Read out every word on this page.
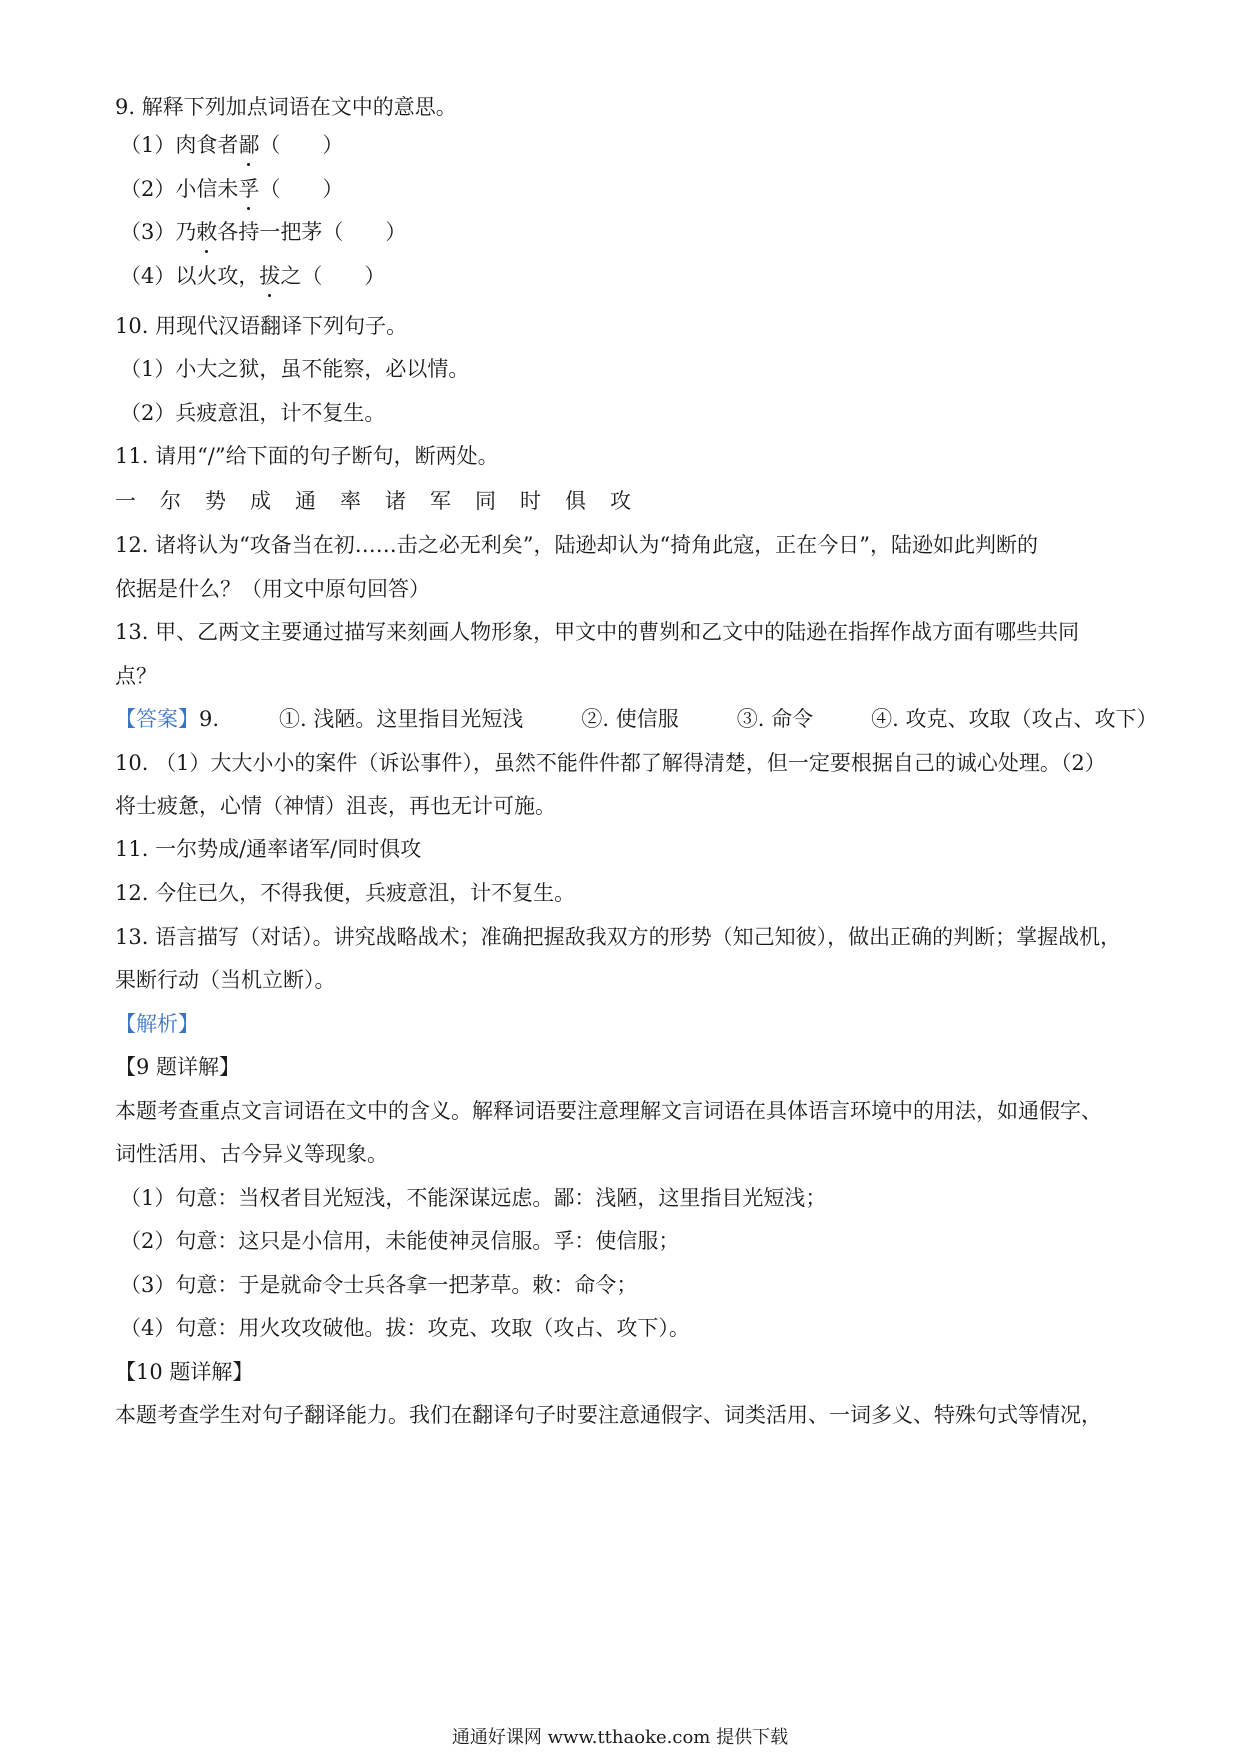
9. 解释下列加点词语在文中的意思。
（1）肉食者鄙（　　）
（2）小信未孚（　　）
（3）乃敕各持一把茅（　　）
（4）以火攻，拔之（　　）
10. 用现代汉语翻译下列句子。
（1）小大之狱，虽不能察，必以情。
（2）兵疲意沮，计不复生。
11. 请用“/”给下面的句子断句，断两处。
一尔势成通率诸军同时俱攻
12. 诸将认为“攻备当在初……击之必无利矣”，陆逊却认为“掎角此寇，正在今日”，陆逊如此判断的
依据是什么？（用文中原句回答）
13. 甲、乙两文主要通过描写来刻画人物形象，甲文中的曹刿和乙文中的陆逊在指挥作战方面有哪些共同
点？
【答案】9.	①. 浅陋。这里指目光短浅	②. 使信服	③. 命令	④. 攻克、攻取（攻占、攻下）
10. （1）大大小小的案件（诉讼事件），虽然不能件件都了解得清楚，但一定要根据自己的诚心处理。（2）
将士疲惫，心情（神情）沮丧，再也无计可施。
11. 一尔势成/通率诸军/同时俱攻
12. 今住已久，不得我便，兵疲意沮，计不复生。
13. 语言描写（对话）。讲究战略战术；准确把握敌我双方的形势（知己知彼），做出正确的判断；掌握战机，
果断行动（当机立断）。
【解析】
【9 题详解】
本题考查重点文言词语在文中的含义。解释词语要注意理解文言词语在具体语言环境中的用法，如通假字、
词性活用、古今异义等现象。
（1）句意：当权者目光短浅，不能深谋远虑。鄙：浅陋，这里指目光短浅；
（2）句意：这只是小信用，未能使神灵信服。孚：使信服；
（3）句意：于是就命令士兵各拿一把茅草。敕：命令；
（4）句意：用火攻攻破他。拔：攻克、攻取（攻占、攻下）。
【10 题详解】
本题考查学生对句子翻译能力。我们在翻译句子时要注意通假字、词类活用、一词多义、特殊句式等情况，
通通好课网 www.tthaoke.com 提供下载
